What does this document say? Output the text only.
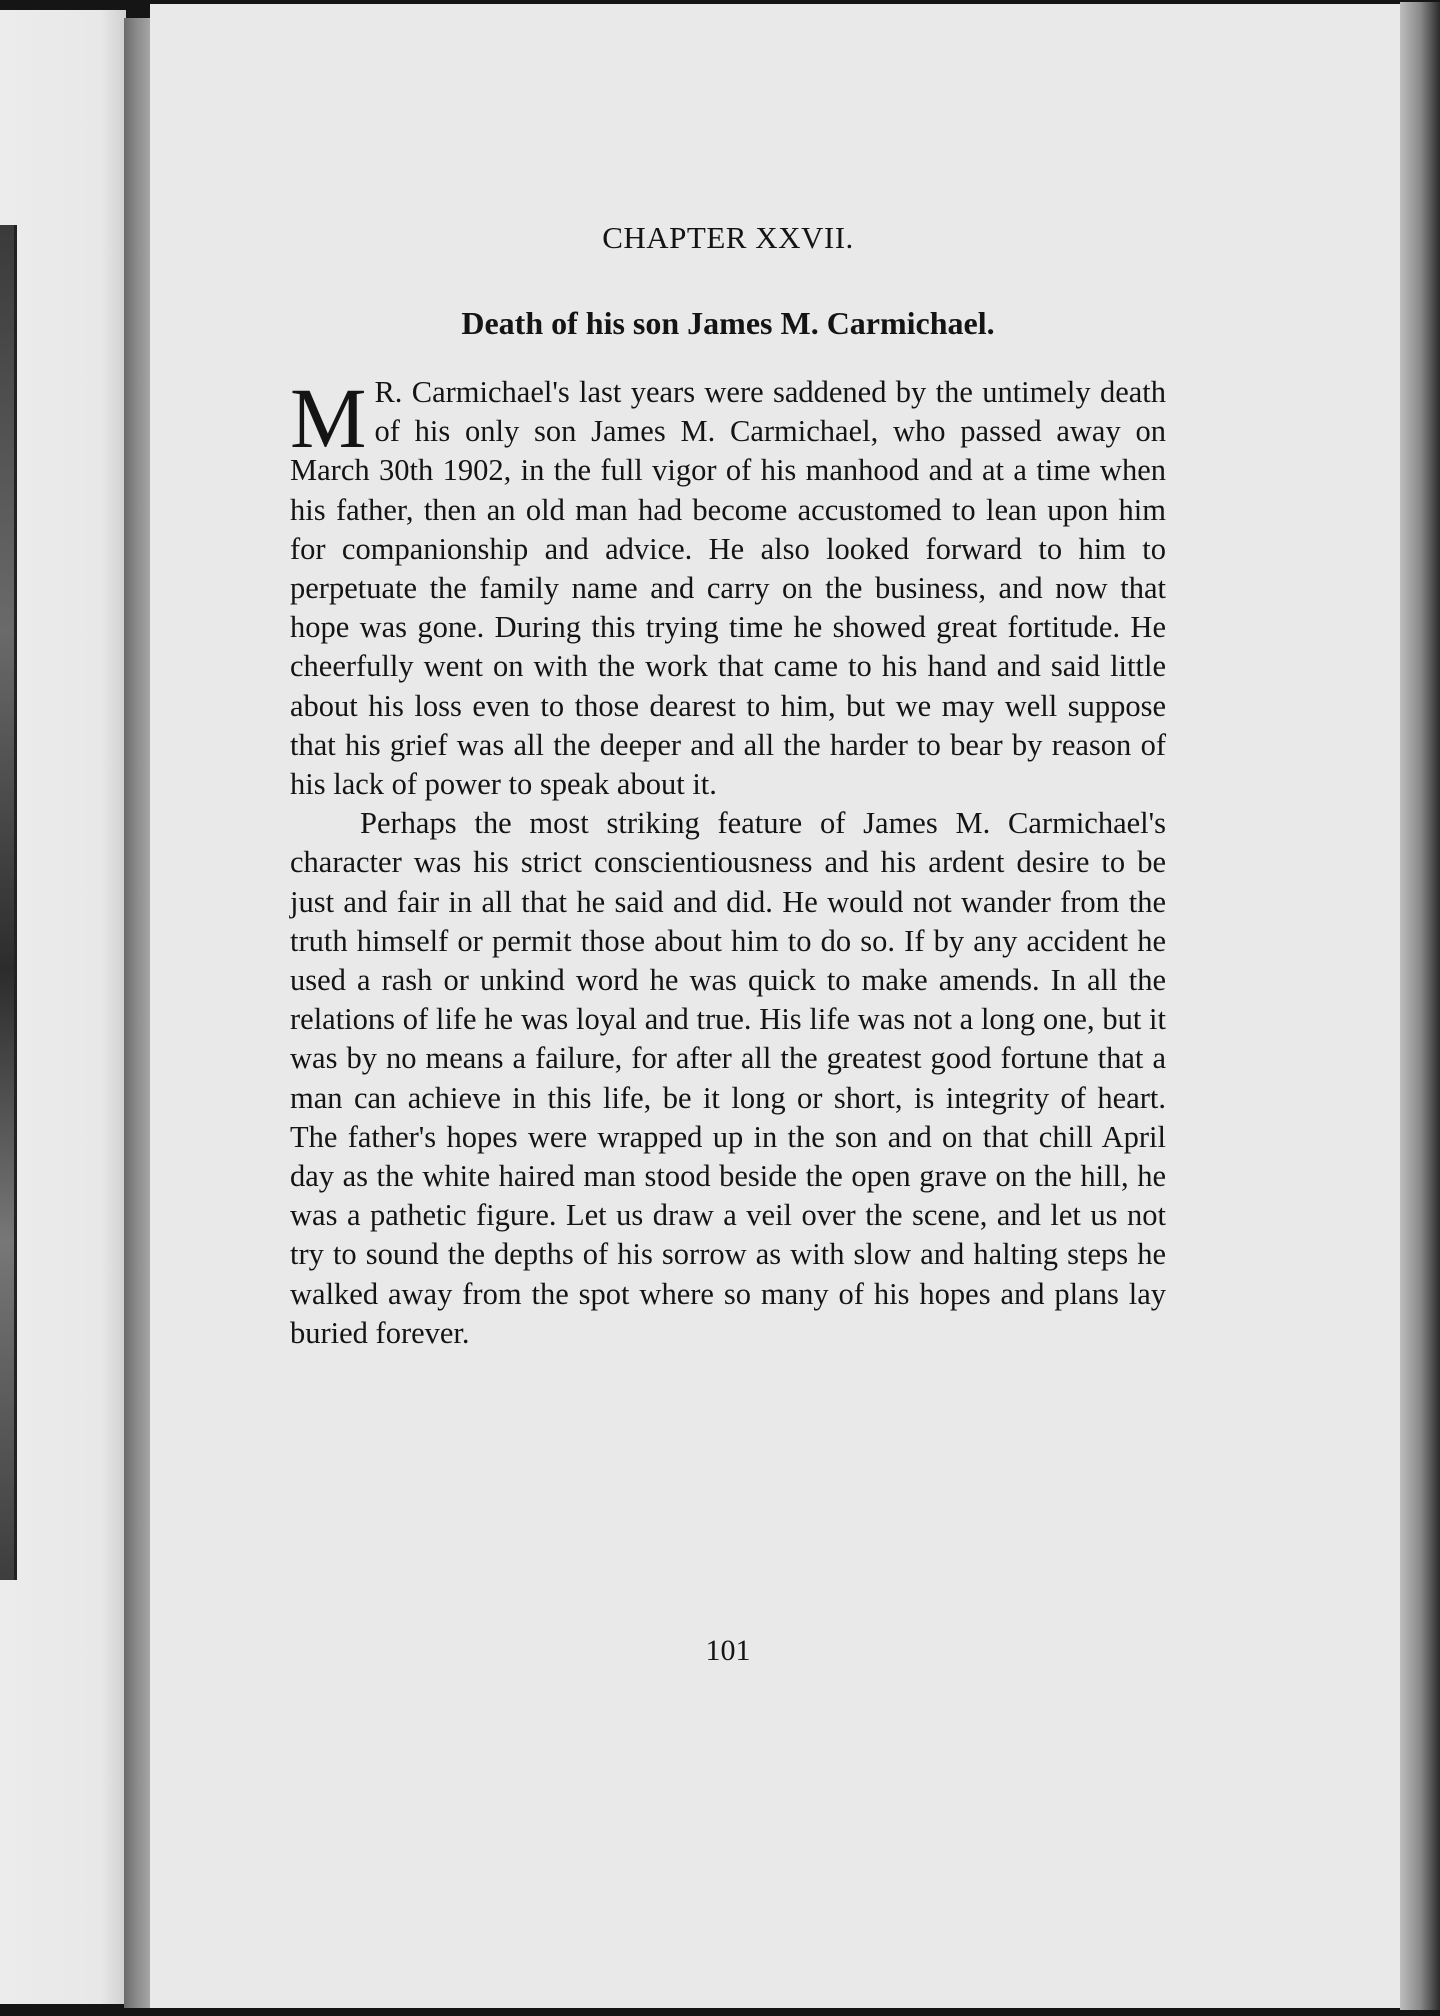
CHAPTER XXVII.
Death of his son James M. Carmichael.

M R. Carmichael's last years were saddened by the untimely death of his only son James M. Carmichael, who passed away on March 30th 1902, in the full vigor of his manhood and at a time when his father, then an old man had become accustomed to lean upon him for companionship and advice. He also looked forward to him to perpetuate the family name and carry on the business, and now that hope was gone. During this trying time he showed great fortitude. He cheerfully went on with the work that came to his hand and said little about his loss even to those dearest to him, but we may well suppose that his grief was all the deeper and all the harder to bear by reason of his lack of power to speak about it.

Perhaps the most striking feature of James M. Carmichael's character was his strict conscientiousness and his ardent desire to be just and fair in all that he said and did. He would not wander from the truth himself or permit those about him to do so. If by any accident he used a rash or unkind word he was quick to make amends. In all the relations of life he was loyal and true. His life was not a long one, but it was by no means a failure, for after all the greatest good fortune that a man can achieve in this life, be it long or short, is integrity of heart. The father's hopes were wrapped up in the son and on that chill April day as the white haired man stood beside the open grave on the hill, he was a pathetic figure. Let us draw a veil over the scene, and let us not try to sound the depths of his sorrow as with slow and halting steps he walked away from the spot where so many of his hopes and plans lay buried forever.

101
